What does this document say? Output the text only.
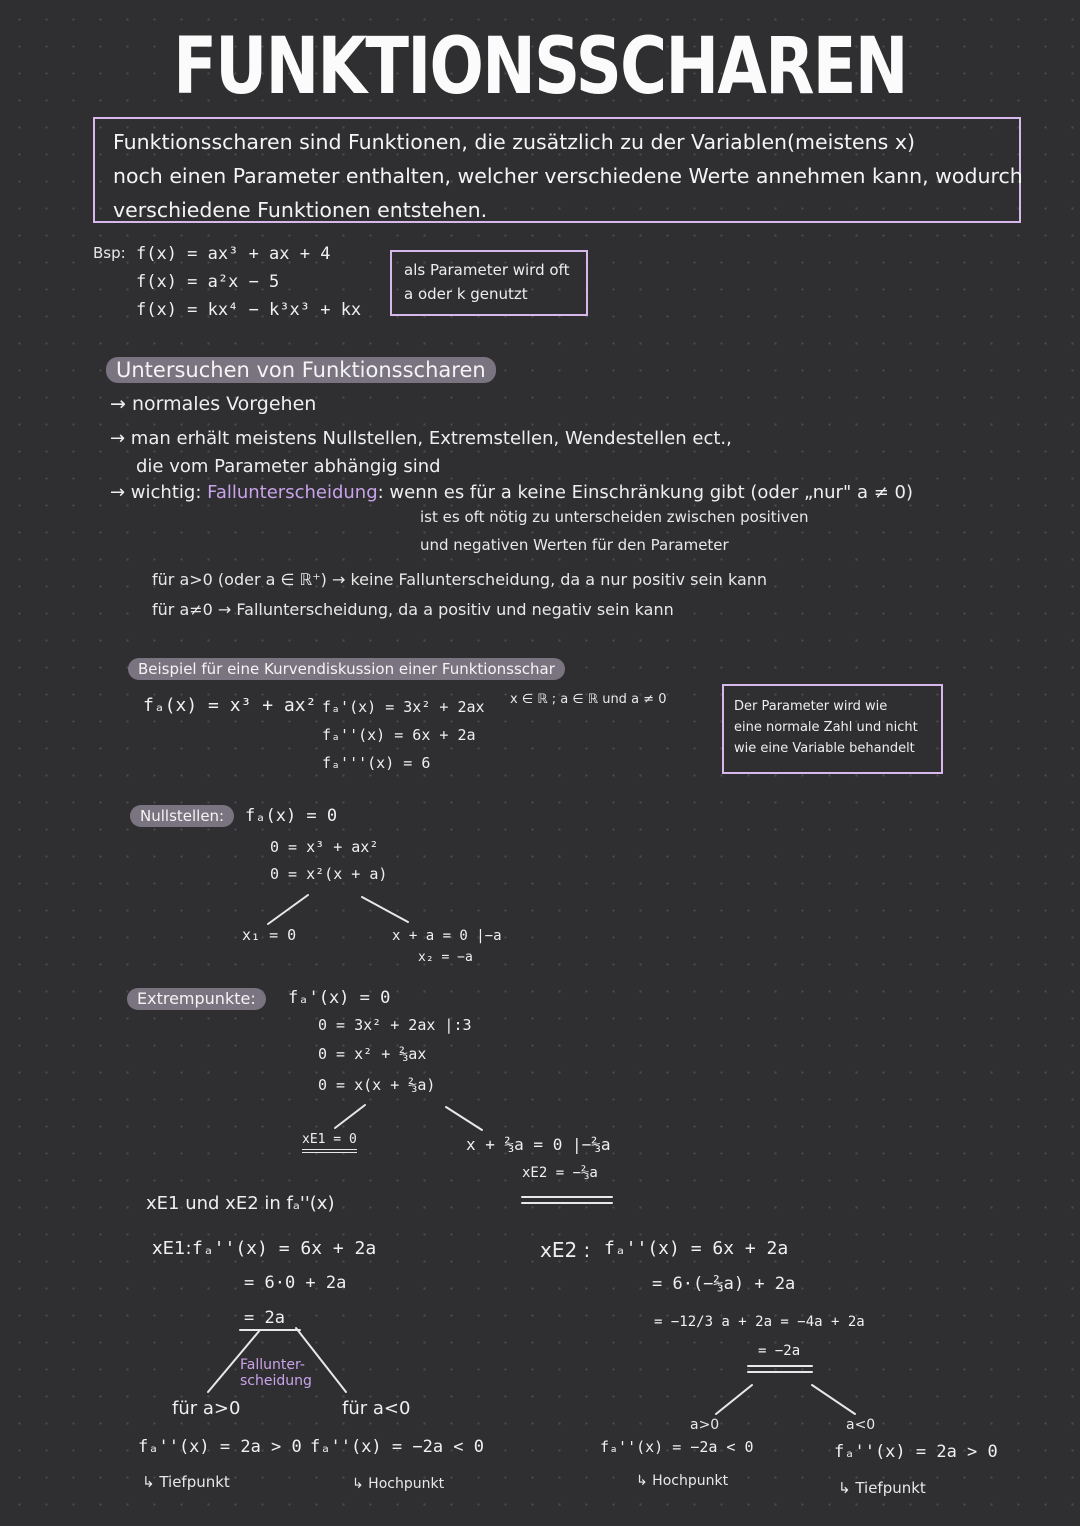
FUNKTIONSSCHAREN
Funktionsscharen sind Funktionen, die zusätzlich zu der Variablen(meistens x)
noch einen Parameter enthalten, welcher verschiedene Werte annehmen kann, wodurch
verschiedene Funktionen entstehen.
Bsp: f(x) = ax³ + ax + 4
f(x) = a²x − 5
f(x) = kx⁴ − k³x³ + kx
als Parameter wird oft
a oder k genutzt
Untersuchen von Funktionsscharen
→ normales Vorgehen
→ man erhält meistens Nullstellen, Extremstellen, Wendestellen ect.,
die vom Parameter abhängig sind
→ wichtig: Fallunterscheidung: wenn es für a keine Einschränkung gibt (oder „nur" a ≠ 0)
ist es oft nötig zu unterscheiden zwischen positiven
und negativen Werten für den Parameter
für a>0 (oder a ∈ ℝ⁺) → keine Fallunterscheidung, da a nur positiv sein kann
für a≠0 → Fallunterscheidung, da a positiv und negativ sein kann
Beispiel für eine Kurvendiskussion einer Funktionsschar
fₐ(x) = x³ + ax² fₐ'(x) = 3x² + 2ax
fₐ''(x) = 6x + 2a
fₐ'''(x) = 6
x ∈ ℝ ; a ∈ ℝ und a ≠ 0	Der Parameter wird wie
eine normale Zahl und nicht
wie eine Variable behandelt
Nullstellen:	fₐ(x) = 0
0 = x³ + ax²
0 = x²(x + a)
x₁ = 0	x + a = 0 |−a
x₂ = −a
Extrempunkte:	fₐ'(x) = 0
0 = 3x² + 2ax |:3
0 = x² + ⅔ax
0 = x(x + ⅔a)
xE1 = 0	x + ⅔a = 0 |−⅔a
xE2 = −⅔a
xE1 und xE2 in fₐ''(x)
xE1: fₐ''(x) = 6x + 2a
= 6·0 + 2a
= 2a
Fallunter-
scheidung
für a>0	für a<0
fₐ''(x) = 2a > 0 fₐ''(x) = −2a < 0
↳ Tiefpunkt	↳ Hochpunkt
xE2 : fₐ''(x) = 6x + 2a
= 6·(−⅔a) + 2a
= −12/3 a + 2a = −4a + 2a
= −2a
a>0	a<0
fₐ''(x) = −2a < 0	fₐ''(x) = 2a > 0
↳ Hochpunkt	↳ Tiefpunkt
